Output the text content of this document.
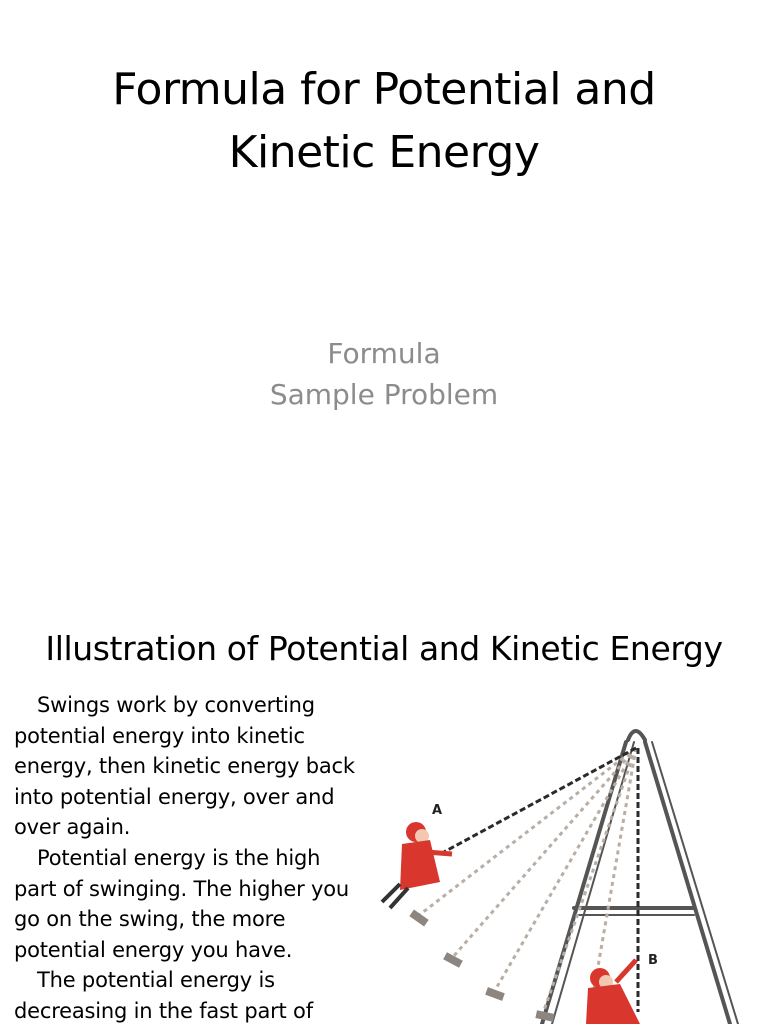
Formula for Potential and
Kinetic Energy
Formula
Sample Problem
Illustration of Potential and Kinetic Energy

Swings work by converting potential energy into kinetic energy, then kinetic energy back into potential energy, over and over again.

Potential energy is the high part of swinging. The higher you go on the swing, the more potential energy you have.

The potential energy is decreasing in the fast part of

A
B
